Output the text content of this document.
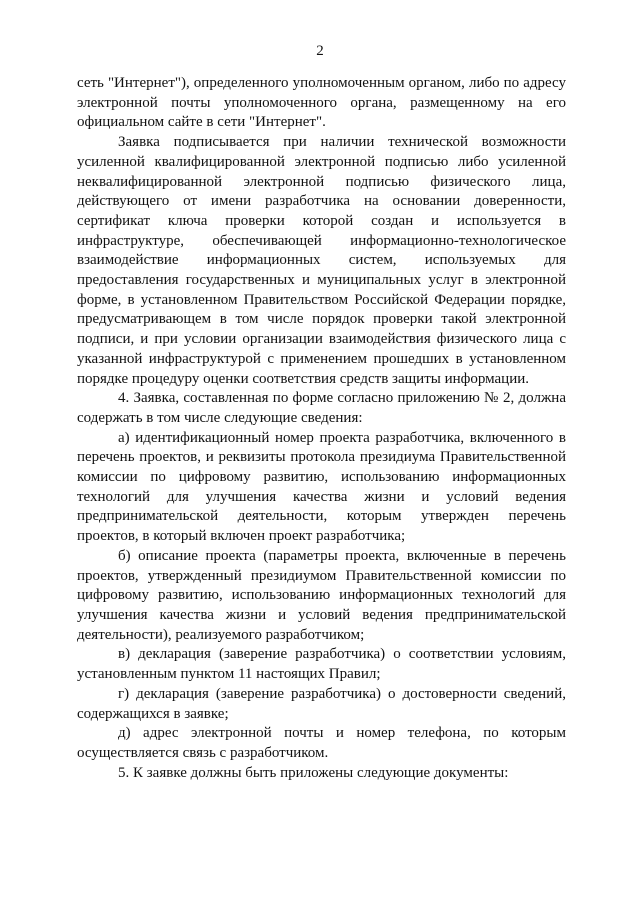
2

сеть "Интернет"), определенного уполномоченным органом, либо по адресу электронной почты уполномоченного органа, размещенному на его официальном сайте в сети "Интернет".

Заявка подписывается при наличии технической возможности усиленной квалифицированной электронной подписью либо усиленной неквалифицированной электронной подписью физического лица, действующего от имени разработчика на основании доверенности, сертификат ключа проверки которой создан и используется в инфраструктуре, обеспечивающей информационно-технологическое взаимодействие информационных систем, используемых для предоставления государственных и муниципальных услуг в электронной форме, в установленном Правительством Российской Федерации порядке, предусматривающем в том числе порядок проверки такой электронной подписи, и при условии организации взаимодействия физического лица с указанной инфраструктурой с применением прошедших в установленном порядке процедуру оценки соответствия средств защиты информации.

4. Заявка, составленная по форме согласно приложению № 2, должна содержать в том числе следующие сведения:

а) идентификационный номер проекта разработчика, включенного в перечень проектов, и реквизиты протокола президиума Правительственной комиссии по цифровому развитию, использованию информационных технологий для улучшения качества жизни и условий ведения предпринимательской деятельности, которым утвержден перечень проектов, в который включен проект разработчика;

б) описание проекта (параметры проекта, включенные в перечень проектов, утвержденный президиумом Правительственной комиссии по цифровому развитию, использованию информационных технологий для улучшения качества жизни и условий ведения предпринимательской деятельности), реализуемого разработчиком;

в) декларация (заверение разработчика) о соответствии условиям, установленным пунктом 11 настоящих Правил;

г) декларация (заверение разработчика) о достоверности сведений, содержащихся в заявке;

д) адрес электронной почты и номер телефона, по которым осуществляется связь с разработчиком.

5. К заявке должны быть приложены следующие документы:
